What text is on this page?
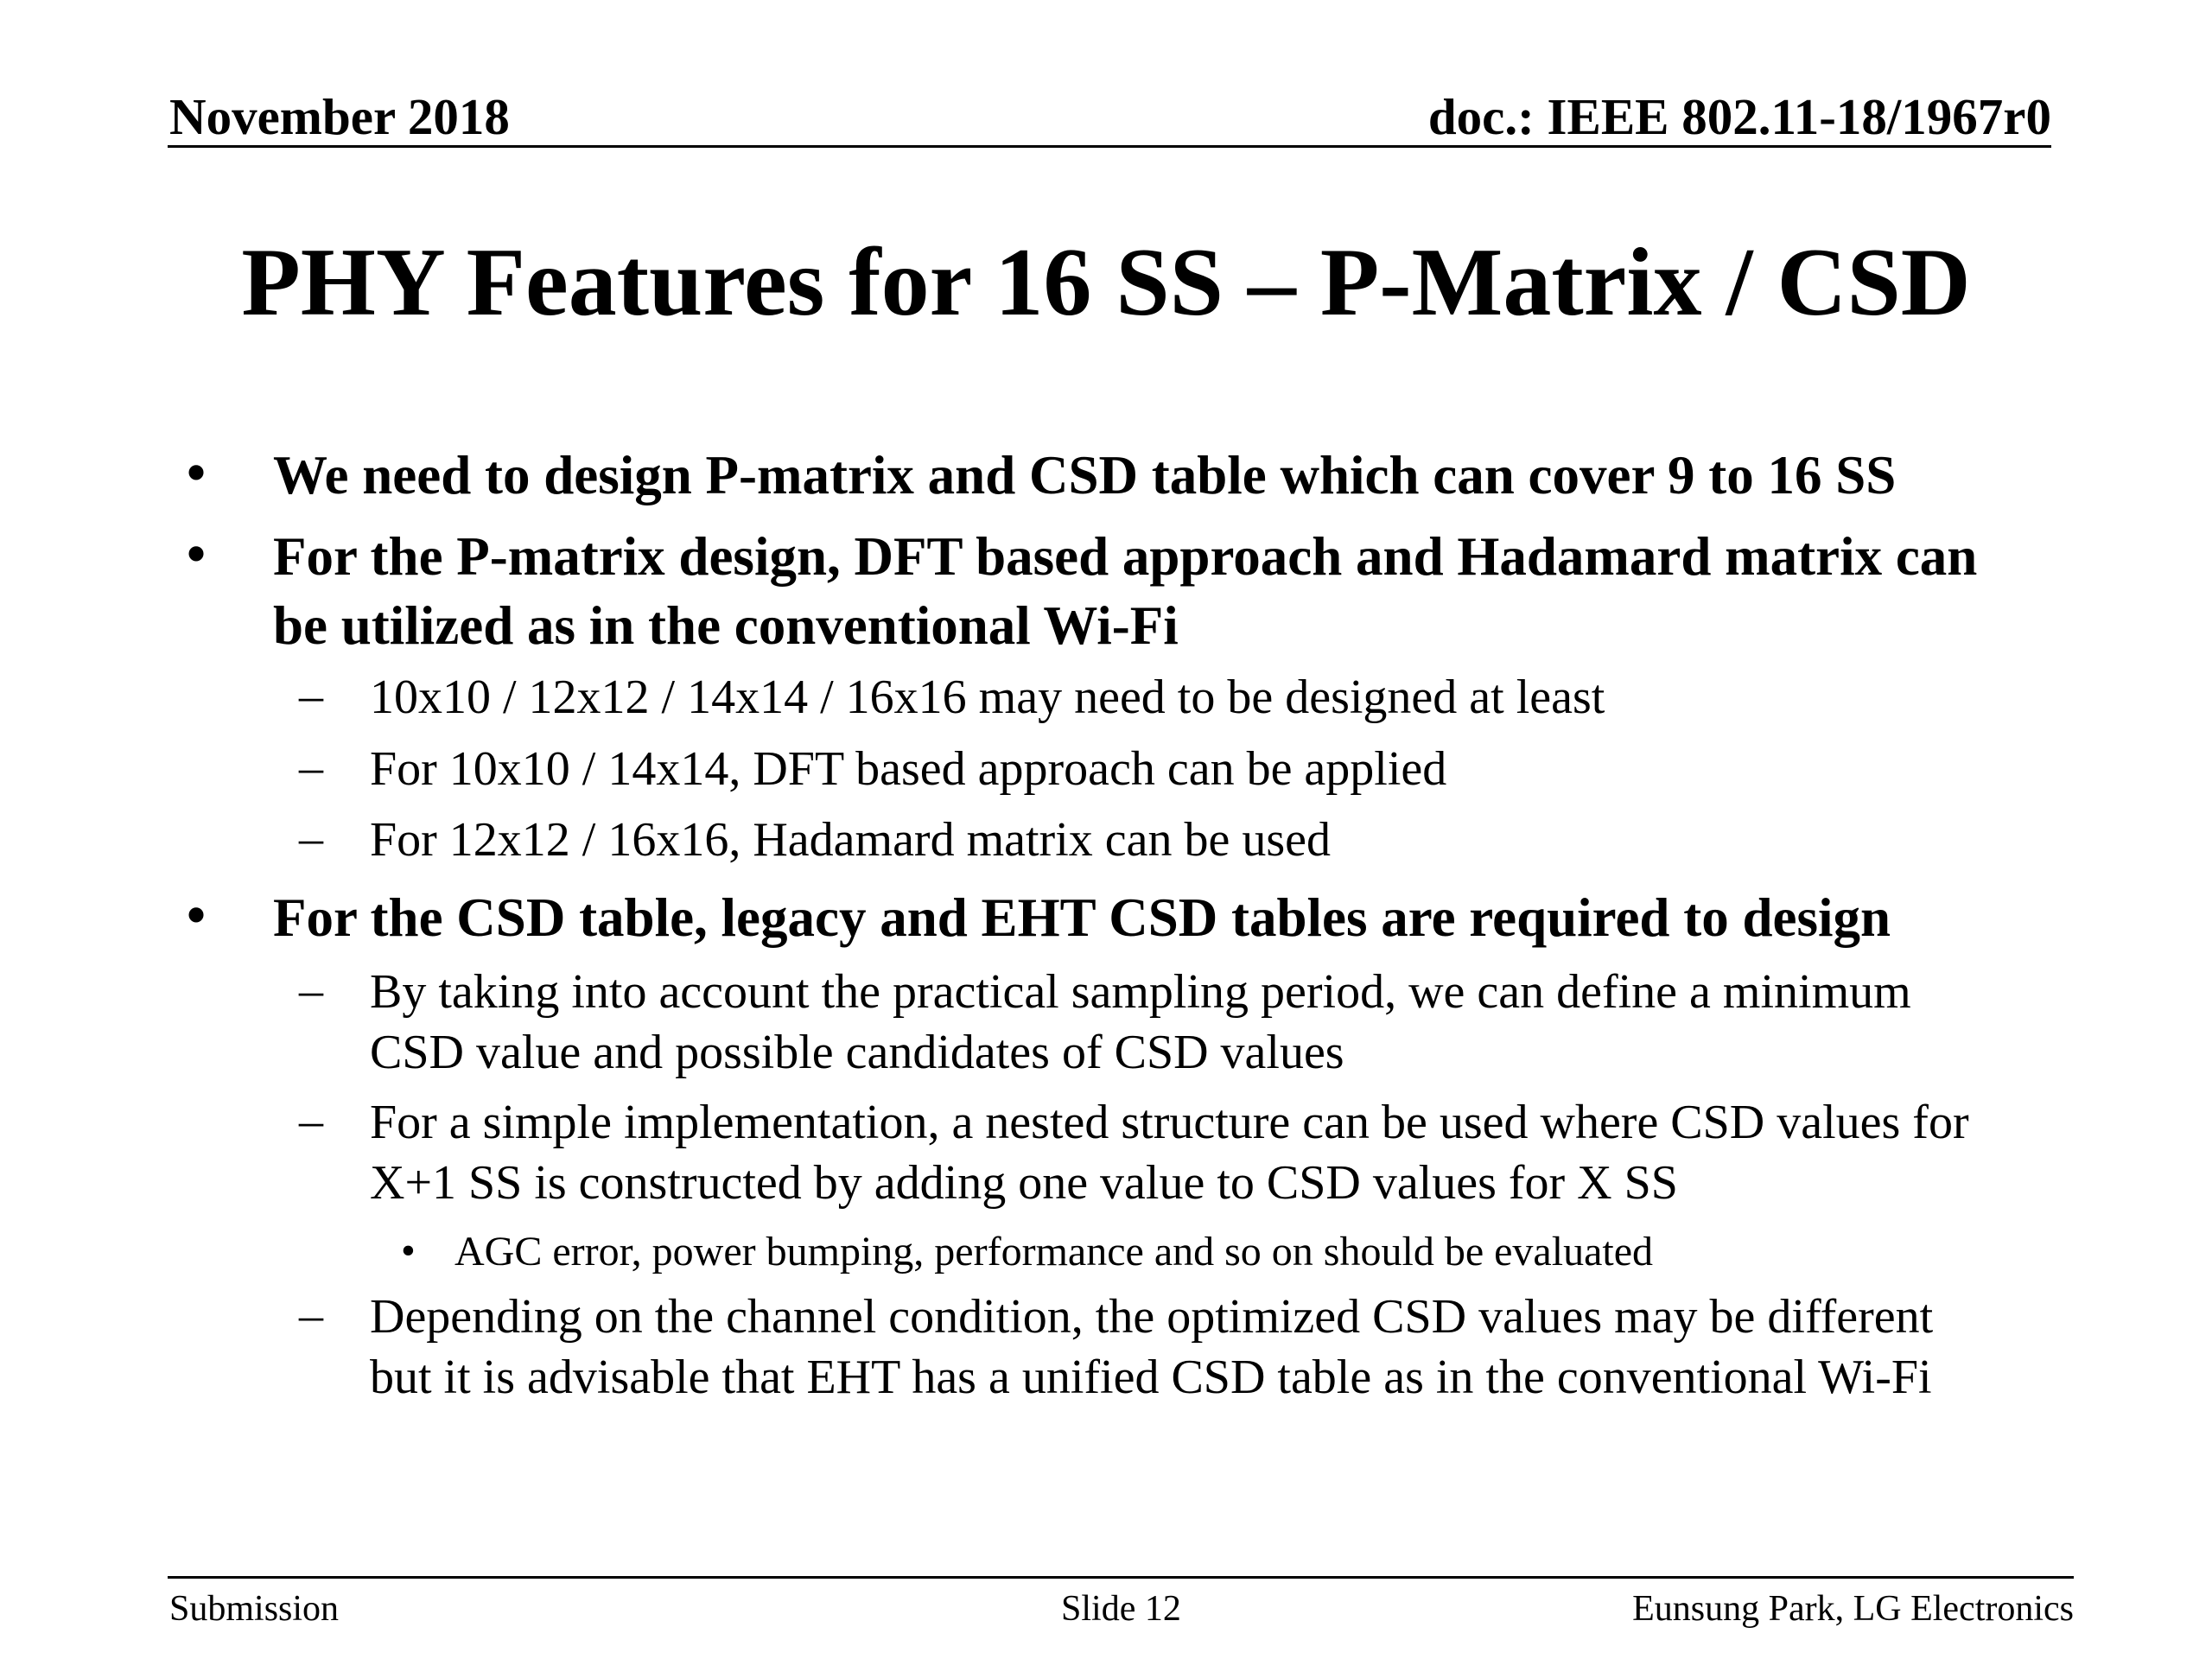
November 2018	doc.: IEEE 802.11-18/1967r0
PHY Features for 16 SS – P-Matrix / CSD
• We need to design P-matrix and CSD table which can cover 9 to 16 SS
• For the P-matrix design, DFT based approach and Hadamard matrix can be utilized as in the conventional Wi-Fi
– 10x10 / 12x12 / 14x14 / 16x16 may need to be designed at least
– For 10x10 / 14x14, DFT based approach can be applied
– For 12x12 / 16x16, Hadamard matrix can be used
• For the CSD table, legacy and EHT CSD tables are required to design
– By taking into account the practical sampling period, we can define a minimum CSD value and possible candidates of CSD values
– For a simple implementation, a nested structure can be used where CSD values for X+1 SS is constructed by adding one value to CSD values for X SS
• AGC error, power bumping, performance and so on should be evaluated
– Depending on the channel condition, the optimized CSD values may be different but it is advisable that EHT has a unified CSD table as in the conventional Wi-Fi
Submission	Slide 12	Eunsung Park, LG Electronics
